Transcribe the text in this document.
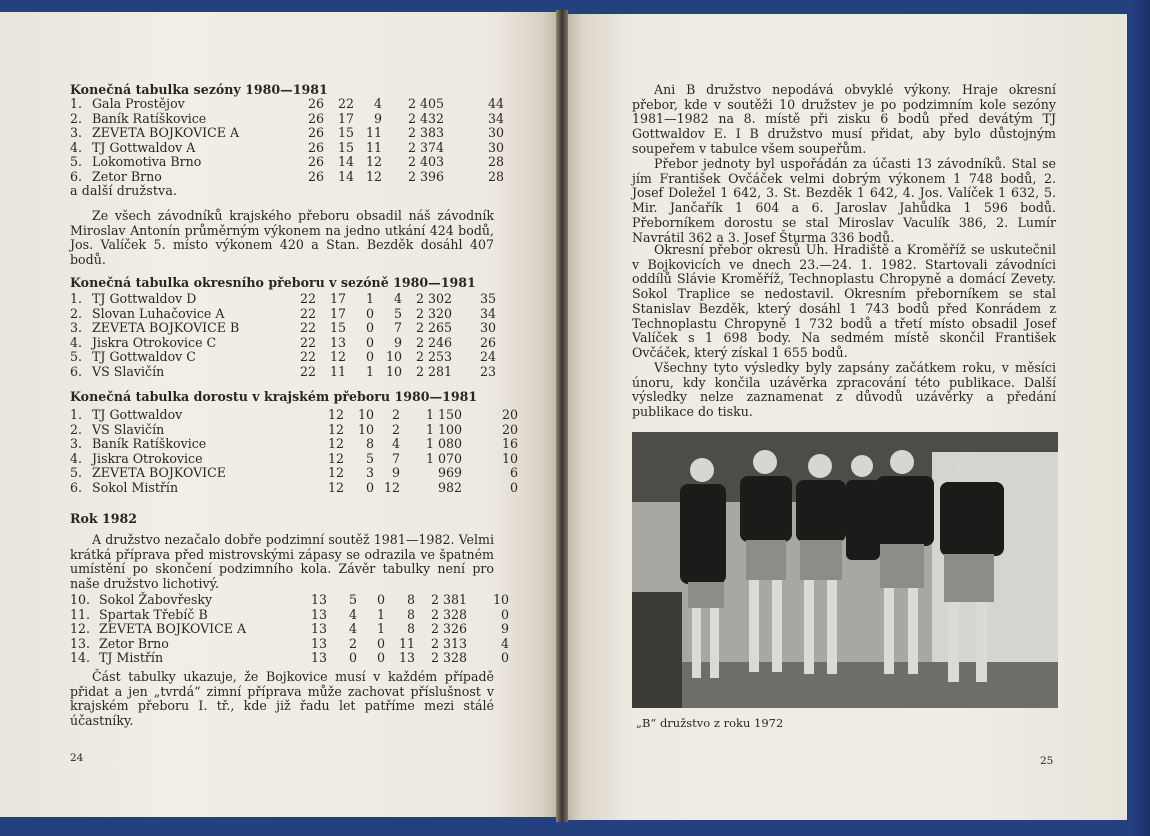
Konečná tabulka sezóny 1980—1981
1.	Gala Prostějov	26	22	4	2 405	44
2.	Baník Ratíškovice	26	17	9	2 432	34
3.	ZEVETA BOJKOVICE A	26	15	11	2 383	30
4.	TJ Gottwaldov A	26	15	11	2 374	30
5.	Lokomotiva Brno	26	14	12	2 403	28
6.	Zetor Brno	26	14	12	2 396	28
a další družstva.
Ze všech závodníků krajského přeboru obsadil náš závodník Miroslav Antonín průměrným výkonem na jedno utkání 424 bodů, Jos. Valíček 5. místo výkonem 420 a Stan. Bezděk dosáhl 407 bodů.
Konečná tabulka okresního přeboru v sezóně 1980—1981
1.	TJ Gottwaldov D	22	17	1	4	2 302	35
2.	Slovan Luhačovice A	22	17	0	5	2 320	34
3.	ZEVETA BOJKOVICE B	22	15	0	7	2 265	30
4.	Jiskra Otrokovice C	22	13	0	9	2 246	26
5.	TJ Gottwaldov C	22	12	0	10	2 253	24
6.	VS Slavičín	22	11	1	10	2 281	23
Konečná tabulka dorostu v krajském přeboru 1980—1981
1.	TJ Gottwaldov	12	10	2	1 150	20
2.	VS Slavičín	12	10	2	1 100	20
3.	Baník Ratíškovice	12	8	4	1 080	16
4.	Jiskra Otrokovice	12	5	7	1 070	10
5.	ZEVETA BOJKOVICE	12	3	9	969	6
6.	Sokol Mistřín	12	0	12	982	0
Rok 1982
A družstvo nezačalo dobře podzimní soutěž 1981—1982. Velmi krátká příprava před mistrovskými zápasy se odrazila ve špatném umístění po skončení podzimního kola. Závěr tabulky není pro naše družstvo lichotivý.
10.	Sokol Žabovřesky	13	5	0	8	2 381	10
11.	Spartak Třebíč B	13	4	1	8	2 328	0
12.	ZEVETA BOJKOVICE A	13	4	1	8	2 326	9
13.	Zetor Brno	13	2	0	11	2 313	4
14.	TJ Mistřín	13	0	0	13	2 328	0
Část tabulky ukazuje, že Bojkovice musí v každém případě přidat a jen „tvrdá“ zimní příprava může zachovat příslušnost v krajském přeboru I. tř., kde již řadu let patříme mezi stálé účastníky.
24
Ani B družstvo nepodává obvyklé výkony. Hraje okresní přebor, kde v soutěži 10 družstev je po podzimním kole sezóny 1981—1982 na 8. místě při zisku 6 bodů před devátým TJ Gottwaldov E. I B družstvo musí přidat, aby bylo důstojným soupeřem v tabulce všem soupeřům.
Přebor jednoty byl uspořádán za účasti 13 závodníků. Stal se jím František Ovčáček velmi dobrým výkonem 1 748 bodů, 2. Josef Doležel 1 642, 3. St. Bezděk 1 642, 4. Jos. Valíček 1 632, 5. Mir. Jančařík 1 604 a 6. Jaroslav Jahůdka 1 596 bodů. Přeborníkem dorostu se stal Miroslav Vaculík 386, 2. Lumír Navrátil 362 a 3. Josef Šturma 336 bodů.
Okresní přebor okresů Uh. Hradiště a Kroměříž se uskutečnil v Bojkovicích ve dnech 23.—24. 1. 1982. Startovali závodníci oddílů Slávie Kroměříž, Technoplastu Chropyně a domácí Zevety. Sokol Traplice se nedostavil. Okresním přeborníkem se stal Stanislav Bezděk, který dosáhl 1 743 bodů před Konrádem z Technoplastu Chropyně 1 732 bodů a třetí místo obsadil Josef Valíček s 1 698 body. Na sedmém místě skončil František Ovčáček, který získal 1 655 bodů.
Všechny tyto výsledky byly zapsány začátkem roku, v měsíci únoru, kdy končila uzávěrka zpracování této publikace. Další výsledky nelze zaznamenat z důvodů uzávěrky a předání publikace do tisku.
„B“ družstvo z roku 1972
25
